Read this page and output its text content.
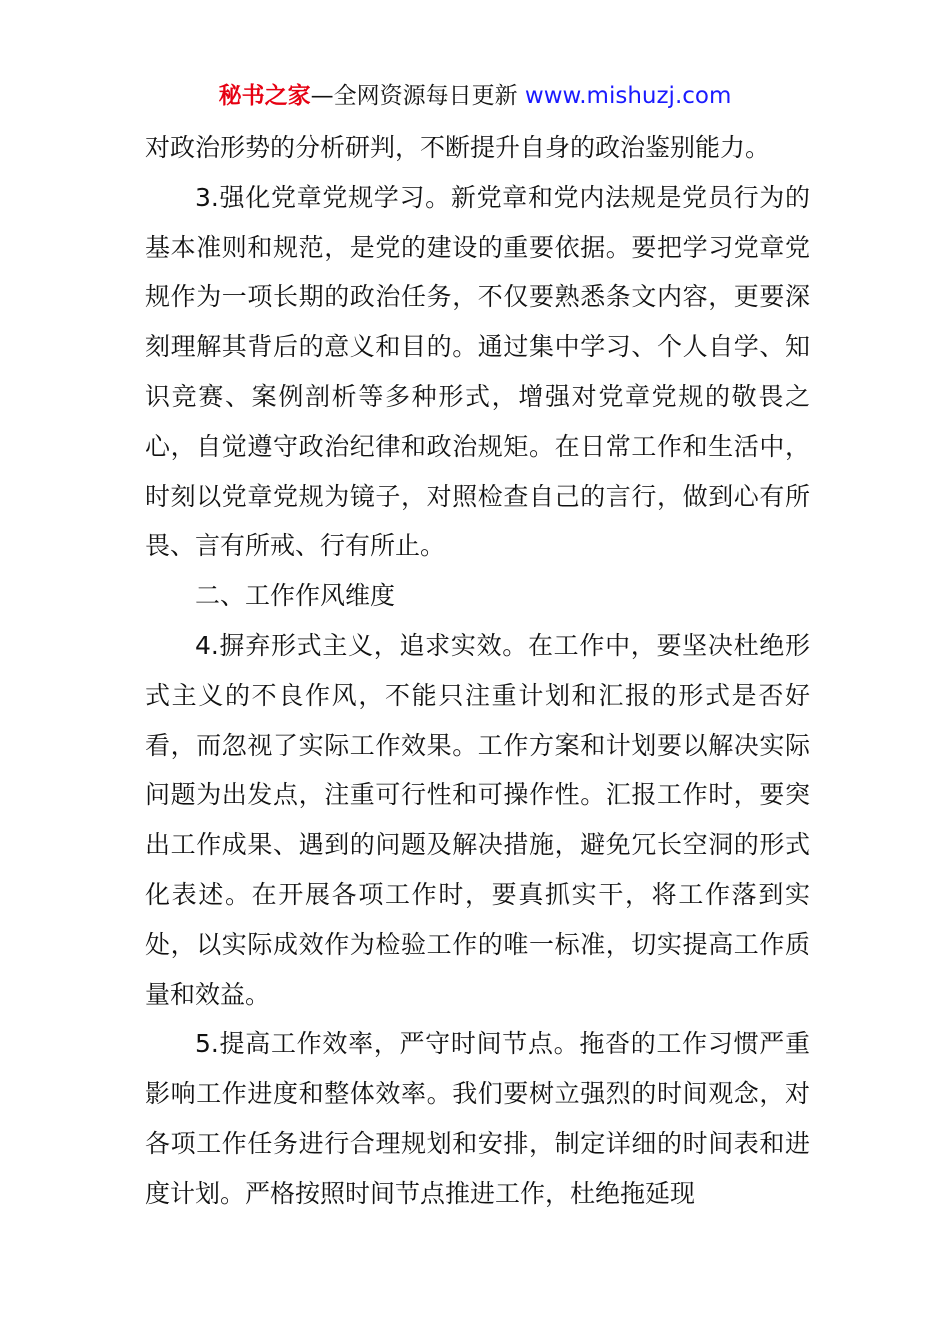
秘书之家—全网资源每日更新 www.mishuzj.com

对政治形势的分析研判，不断提升自身的政治鉴别能力。

3.强化党章党规学习。新党章和党内法规是党员行为的基本准则和规范，是党的建设的重要依据。要把学习党章党规作为一项长期的政治任务，不仅要熟悉条文内容，更要深刻理解其背后的意义和目的。通过集中学习、个人自学、知识竞赛、案例剖析等多种形式，增强对党章党规的敬畏之心，自觉遵守政治纪律和政治规矩。在日常工作和生活中，时刻以党章党规为镜子，对照检查自己的言行，做到心有所畏、言有所戒、行有所止。

二、工作作风维度

4.摒弃形式主义，追求实效。在工作中，要坚决杜绝形式主义的不良作风，不能只注重计划和汇报的形式是否好看，而忽视了实际工作效果。工作方案和计划要以解决实际问题为出发点，注重可行性和可操作性。汇报工作时，要突出工作成果、遇到的问题及解决措施，避免冗长空洞的形式化表述。在开展各项工作时，要真抓实干，将工作落到实处，以实际成效作为检验工作的唯一标准，切实提高工作质量和效益。

5.提高工作效率，严守时间节点。拖沓的工作习惯严重影响工作进度和整体效率。我们要树立强烈的时间观念，对各项工作任务进行合理规划和安排，制定详细的时间表和进度计划。严格按照时间节点推进工作，杜绝拖延现
